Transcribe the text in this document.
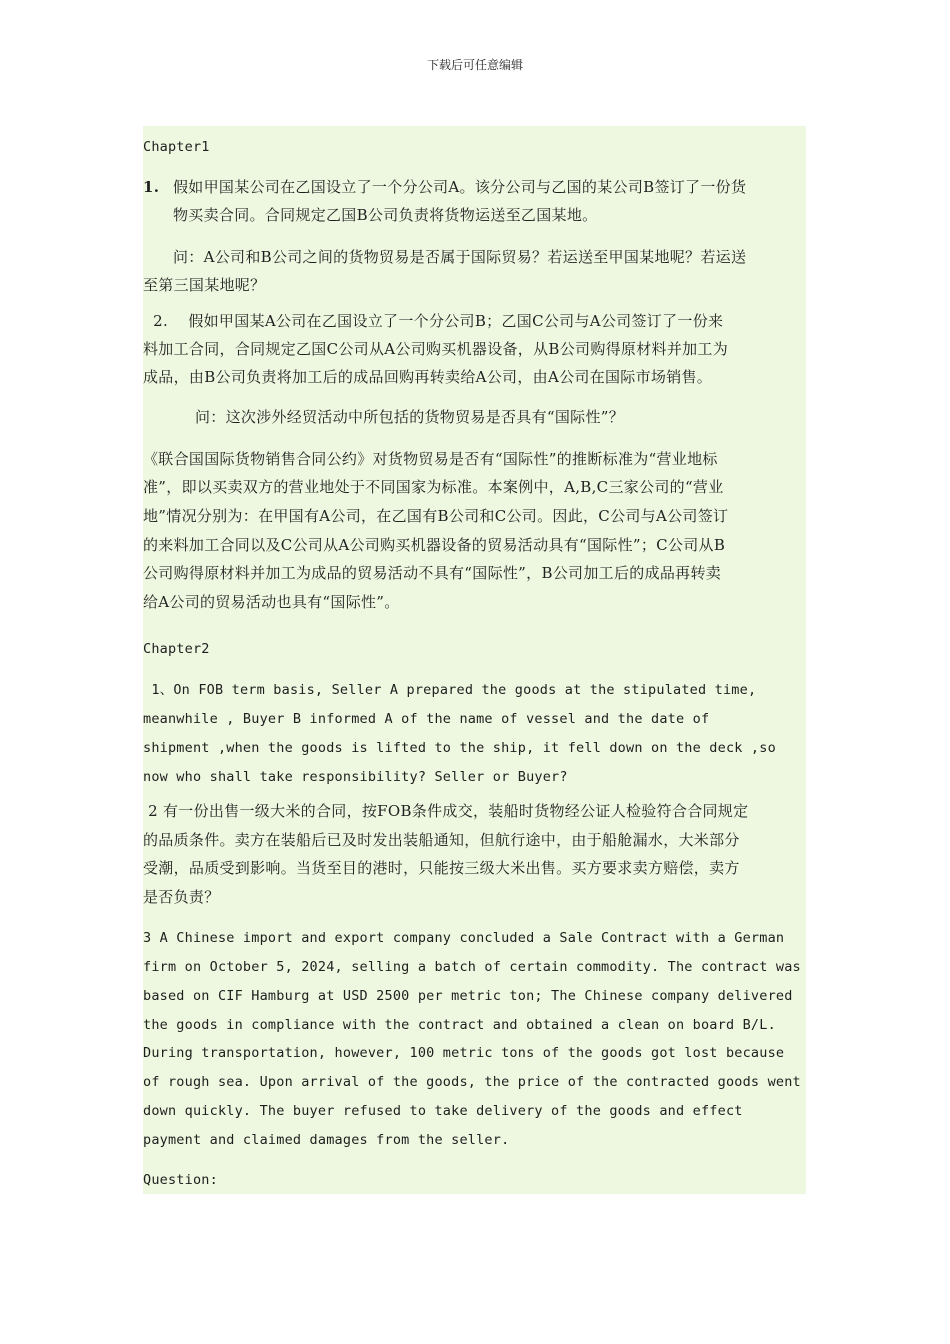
下载后可任意编辑
Chapter1
1. 假如甲国某公司在乙国设立了一个分公司A。该分公司与乙国的某公司B签订了一份货
物买卖合同。合同规定乙国B公司负责将货物运送至乙国某地。
问：A公司和B公司之间的货物贸易是否属于国际贸易？若运送至甲国某地呢？若运送
至第三国某地呢？
2.    假如甲国某A公司在乙国设立了一个分公司B；乙国C公司与A公司签订了一份来
料加工合同，合同规定乙国C公司从A公司购买机器设备，从B公司购得原材料并加工为
成品，由B公司负责将加工后的成品回购再转卖给A公司，由A公司在国际市场销售。
问：这次涉外经贸活动中所包括的货物贸易是否具有“国际性”？
《联合国国际货物销售合同公约》对货物贸易是否有“国际性”的推断标准为“营业地标
准”，即以买卖双方的营业地处于不同国家为标准。本案例中，A,B,C三家公司的“营业
地”情况分别为：在甲国有A公司，在乙国有B公司和C公司。因此，C公司与A公司签订
的来料加工合同以及C公司从A公司购买机器设备的贸易活动具有“国际性”；C公司从B
公司购得原材料并加工为成品的贸易活动不具有“国际性”，B公司加工后的成品再转卖
给A公司的贸易活动也具有“国际性”。
Chapter2
1、On FOB term basis, Seller A prepared the goods at the stipulated time,
meanwhile , Buyer B informed A of the name of vessel and the date of
shipment ,when the goods is lifted to the ship, it fell down on the deck ,so
now who shall take responsibility? Seller or Buyer?
2 有一份出售一级大米的合同，按FOB条件成交，装船时货物经公证人检验符合合同规定
的品质条件。卖方在装船后已及时发出装船通知，但航行途中，由于船舱漏水，大米部分
受潮，品质受到影响。当货至目的港时，只能按三级大米出售。买方要求卖方赔偿，卖方
是否负责？
3 A Chinese import and export company concluded a Sale Contract with a German
firm on October 5, 2024, selling a batch of certain commodity. The contract was
based on CIF Hamburg at USD 2500 per metric ton; The Chinese company delivered
the goods in compliance with the contract and obtained a clean on board B/L.
During transportation, however, 100 metric tons of the goods got lost because
of rough sea. Upon arrival of the goods, the price of the contracted goods went
down quickly. The buyer refused to take delivery of the goods and effect
payment and claimed damages from the seller.
Question:
